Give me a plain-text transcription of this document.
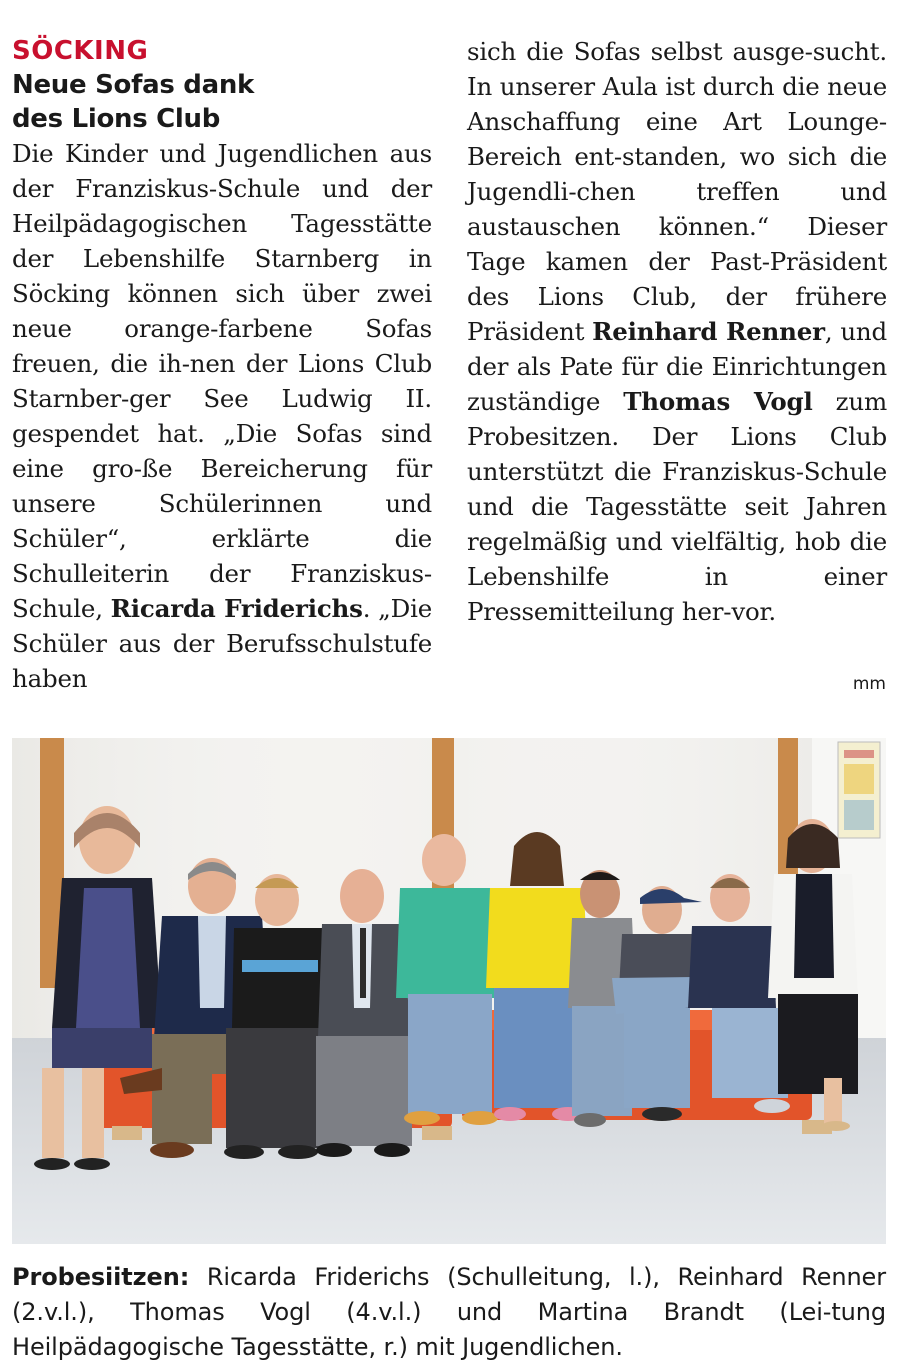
SÖCKING

Neue Sofas dank

des Lions Club

Die Kinder und Jugendlichen aus der Franziskus-Schule und der Heilpädagogischen Tagesstätte der Lebenshilfe Starnberg in Söcking können sich über zwei neue orange-farbene Sofas freuen, die ih-nen der Lions Club Starnber-ger See Ludwig II. gespendet hat. „Die Sofas sind eine gro-ße Bereicherung für unsere Schülerinnen und Schüler“, erklärte die Schulleiterin der Franziskus-Schule, Ricarda Friderichs. „Die Schüler aus der Berufsschulstufe haben

sich die Sofas selbst ausge-sucht. In unserer Aula ist durch die neue Anschaffung eine Art Lounge-Bereich ent-standen, wo sich die Jugendli-chen treffen und austauschen können.“ Dieser Tage kamen der Past-Präsident des Lions Club, der frühere Präsident Reinhard Renner, und der als Pate für die Einrichtungen zuständige Thomas Vogl zum Probesitzen. Der Lions Club unterstützt die Franziskus-Schule und die Tagesstätte seit Jahren regelmäßig und vielfältig, hob die Lebenshilfe in einer Pressemitteilung her-vor.

mm

Probesiitzen: Ricarda Friderichs (Schulleitung, l.), Reinhard Renner (2.v.l.), Thomas Vogl (4.v.l.) und Martina Brandt (Lei-tung Heilpädagogische Tagesstätte, r.) mit Jugendlichen.
